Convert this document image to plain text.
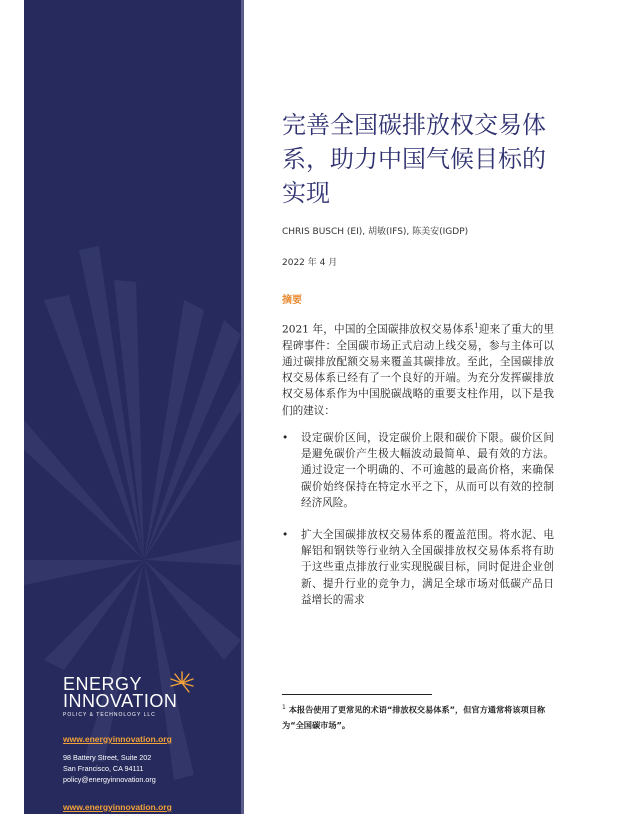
ENERGY
INNOVATION
POLICY & TECHNOLOGY LLC
www.energyinnovation.org
98 Battery Street, Suite 202
San Francisco, CA 94111
policy@energyinnovation.org
www.energyinnovation.org
完善全国碳排放权交易体系，助力中国气候目标的实现
CHRIS BUSCH (EI), 胡敏(IFS), 陈美安(IGDP)
2022 年 4 月
摘要

2021 年，中国的全国碳排放权交易体系$^1$迎来了重大的里程碑事件：全国碳市场正式启动上线交易，参与主体可以通过碳排放配额交易来覆盖其碳排放。至此，全国碳排放权交易体系已经有了一个良好的开端。为充分发挥碳排放权交易体系作为中国脱碳战略的重要支柱作用，以下是我们的建议：

• 设定碳价区间，设定碳价上限和碳价下限。碳价区间是避免碳价产生极大幅波动最简单、最有效的方法。通过设定一个明确的、不可逾越的最高价格，来确保碳价始终保持在特定水平之下，从而可以有效的控制经济风险。
• 扩大全国碳排放权交易体系的覆盖范围。将水泥、电解铝和钢铁等行业纳入全国碳排放权交易体系将有助于这些重点排放行业实现脱碳目标，同时促进企业创新、提升行业的竞争力，满足全球市场对低碳产品日益增长的需求
$^1$ 本报告使用了更常见的术语“排放权交易体系”，但官方通常将该项目称为“全国碳市场”。
